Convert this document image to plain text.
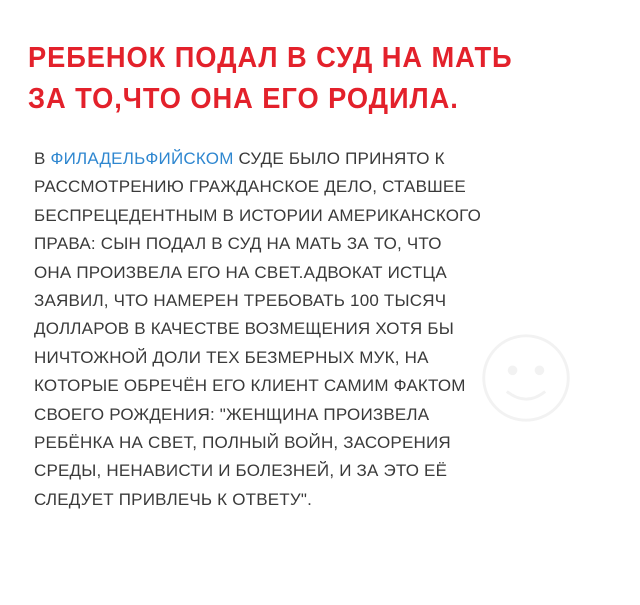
РЕБЕНОК ПОДАЛ В СУД НА МАТЬ
ЗА ТО,ЧТО ОНА ЕГО РОДИЛА.

В ФИЛАДЕЛЬФИЙСКОМ СУДЕ БЫЛО ПРИНЯТО К
РАССМОТРЕНИЮ ГРАЖДАНСКОЕ ДЕЛО, СТАВШЕЕ
БЕСПРЕЦЕДЕНТНЫМ В ИСТОРИИ АМЕРИКАНСКОГО
ПРАВА: СЫН ПОДАЛ В СУД НА МАТЬ ЗА ТО, ЧТО
ОНА ПРОИЗВЕЛА ЕГО НА СВЕТ.АДВОКАТ ИСТЦА
ЗАЯВИЛ, ЧТО НАМЕРЕН ТРЕБОВАТЬ 100 ТЫСЯЧ
ДОЛЛАРОВ В КАЧЕСТВЕ ВОЗМЕЩЕНИЯ ХОТЯ БЫ
НИЧТОЖНОЙ ДОЛИ ТЕХ БЕЗМЕРНЫХ МУК, НА
КОТОРЫЕ ОБРЕЧЁН ЕГО КЛИЕНТ САМИМ ФАКТОМ
СВОЕГО РОЖДЕНИЯ: "ЖЕНЩИНА ПРОИЗВЕЛА
РЕБЁНКА НА СВЕТ, ПОЛНЫЙ ВОЙН, ЗАСОРЕНИЯ
СРЕДЫ, НЕНАВИСТИ И БОЛЕЗНЕЙ, И ЗА ЭТО ЕЁ
СЛЕДУЕТ ПРИВЛЕЧЬ К ОТВЕТУ".
